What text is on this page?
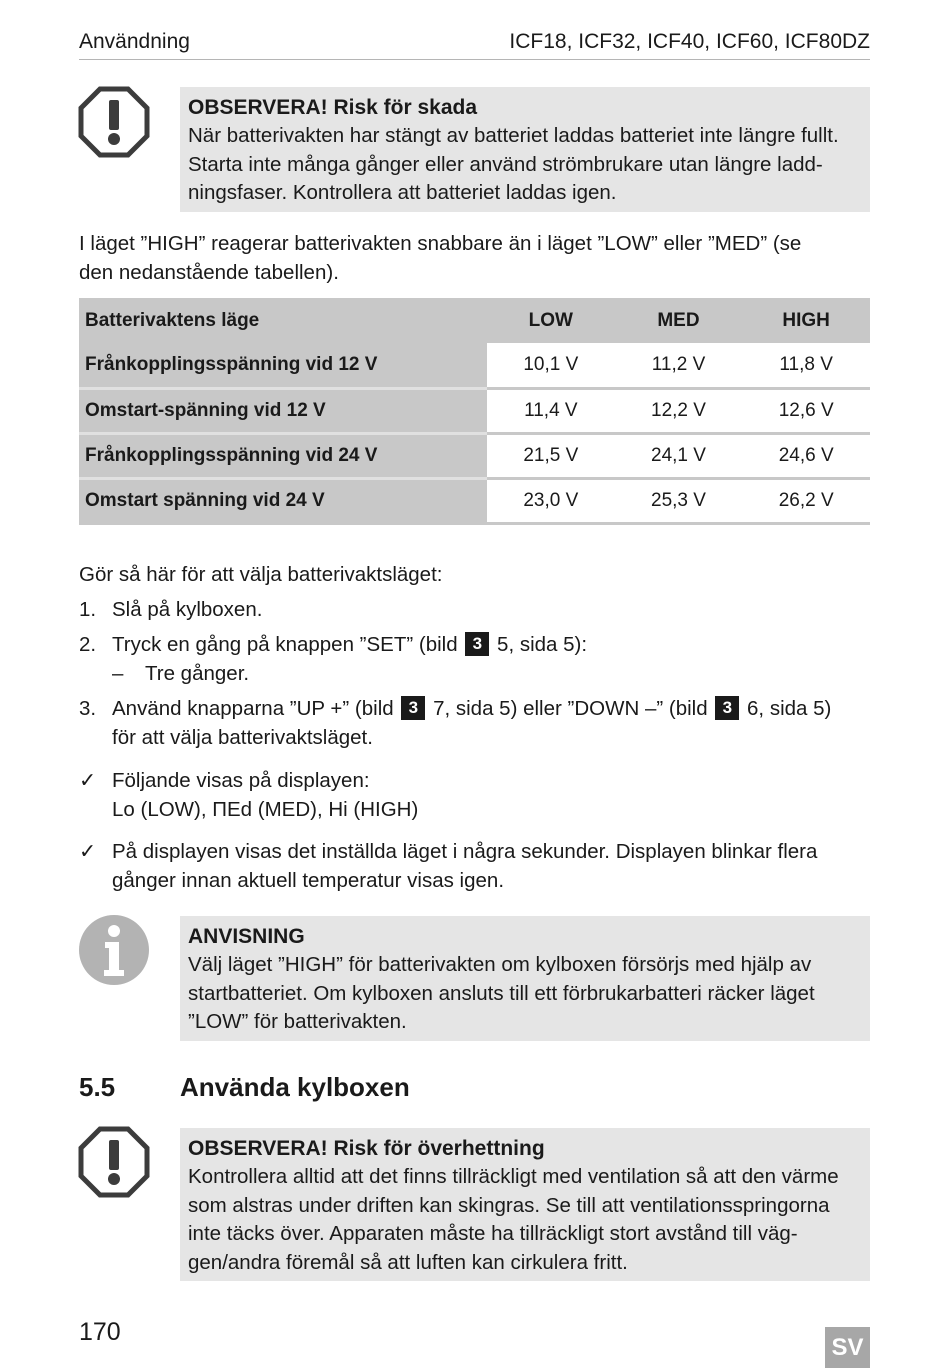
Användning	ICF18, ICF32, ICF40, ICF60, ICF80DZ
OBSERVERA! Risk för skada
När batterivakten har stängt av batteriet laddas batteriet inte längre fullt.
Starta inte många gånger eller använd strömbrukare utan längre ladd-
ningsfaser. Kontrollera att batteriet laddas igen.
I läget ”HIGH” reagerar batterivakten snabbare än i läget ”LOW” eller ”MED” (se
den nedanstående tabellen).
Batterivaktens läge	LOW	MED	HIGH
Frånkopplingsspänning vid 12 V	10,1 V	11,2 V	11,8 V
Omstart-spänning vid 12 V	11,4 V	12,2 V	12,6 V
Frånkopplingsspänning vid 24 V	21,5 V	24,1 V	24,6 V
Omstart spänning vid 24 V	23,0 V	25,3 V	26,2 V
Gör så här för att välja batterivaktsläget:
1. Slå på kylboxen.
2. Tryck en gång på knappen ”SET” (bild 3 5, sida 5):
– Tre gånger.
3. Använd knapparna ”UP +” (bild 3 7, sida 5) eller ”DOWN –” (bild 3 6, sida 5)
för att välja batterivaktsläget.
✓ Följande visas på displayen:
Lo (LOW), ПEd (MED), Hi (HIGH)
✓ På displayen visas det inställda läget i några sekunder. Displayen blinkar flera
gånger innan aktuell temperatur visas igen.
ANVISNING
Välj läget ”HIGH” för batterivakten om kylboxen försörjs med hjälp av
startbatteriet. Om kylboxen ansluts till ett förbrukarbatteri räcker läget
”LOW” för batterivakten.
5.5 Använda kylboxen
OBSERVERA! Risk för överhettning
Kontrollera alltid att det finns tillräckligt med ventilation så att den värme
som alstras under driften kan skingras. Se till att ventilationsspringorna
inte täcks över. Apparaten måste ha tillräckligt stort avstånd till väg-
gen/andra föremål så att luften kan cirkulera fritt.
170
SV
